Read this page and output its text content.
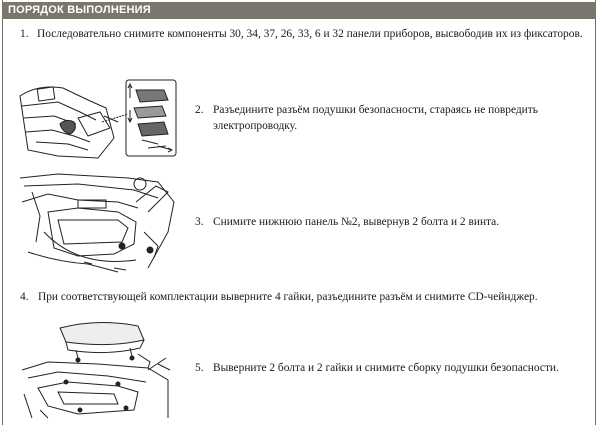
ПОРЯДОК ВЫПОЛНЕНИЯ
1. Последовательно снимите компоненты 30, 34, 37, 26, 33, 6 и 32 панели приборов, высвободив их из фиксаторов.
2. Разъедините разъём подушки безопасности, стараясь не повредить
электропроводку.
3. Снимите нижнюю панель №2, вывернув 2 болта и 2 винта.
4. При соответствующей комплектации выверните 4 гайки, разъедините разъём и снимите CD-чейнджер.
5. Выверните 2 болта и 2 гайки и снимите сборку подушки безопасности.
